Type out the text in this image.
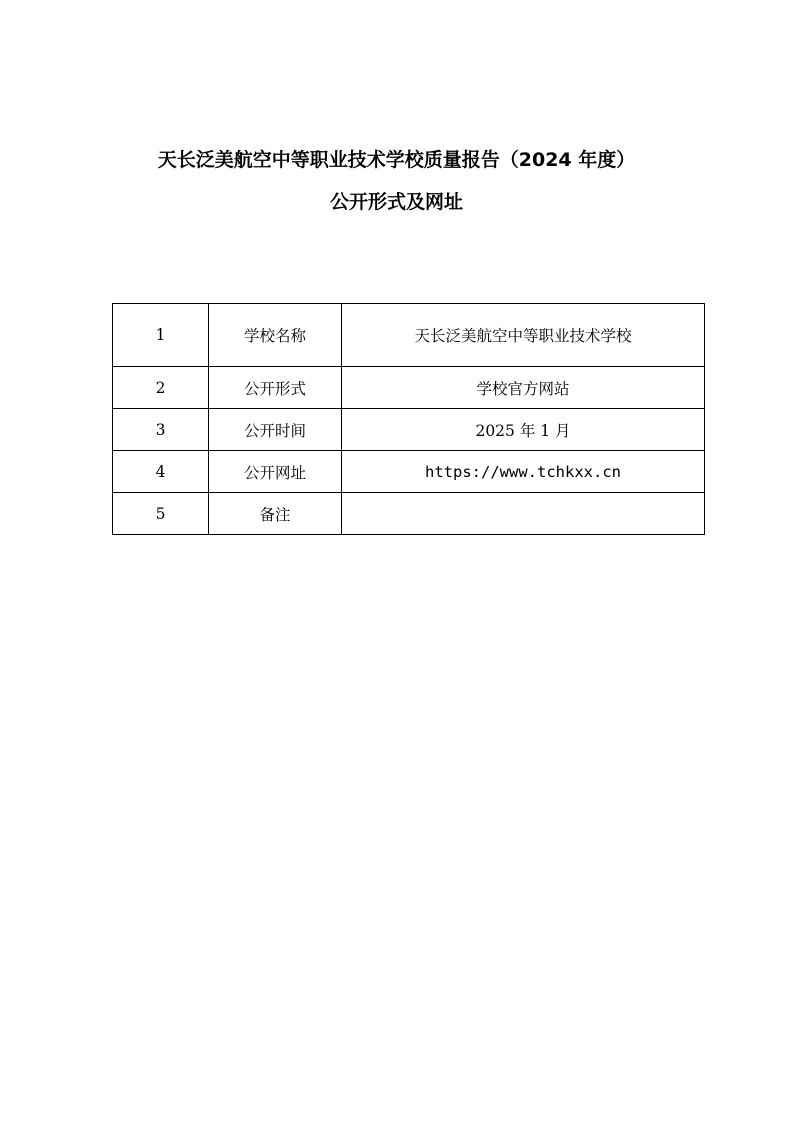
天长泛美航空中等职业技术学校质量报告（2024 年度）
公开形式及网址
1	学校名称	天长泛美航空中等职业技术学校
2	公开形式	学校官方网站
3	公开时间	2025 年 1 月
4	公开网址	https://www.tchkxx.cn
5	备注	
